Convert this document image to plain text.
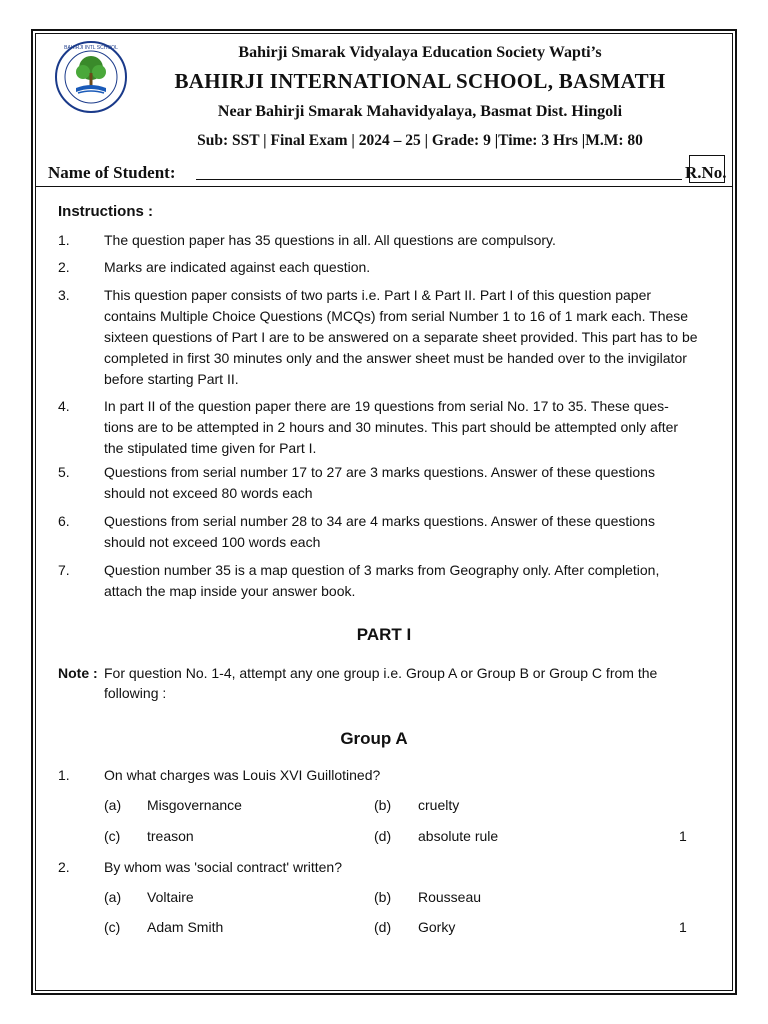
BAHIRJI INTL SCHOOL	Bahirji Smarak Vidyalaya Education Society Wapti’s
BAHIRJI INTERNATIONAL SCHOOL, BASMATH
Near Bahirji Smarak Mahavidyalaya, Basmat Dist. Hingoli
Sub: SST | Final Exam | 2024 – 25 | Grade: 9 |Time: 3 Hrs |M.M: 80
Name of Student:	R.No.
Instructions :
1.	The question paper has 35 questions in all. All questions are compulsory.
2.	Marks are indicated against each question.
3.	This question paper consists of two parts i.e. Part I & Part II. Part I of this question paper contains Multiple Choice Questions (MCQs) from serial Number 1 to 16 of 1 mark each. These sixteen questions of Part I are to be answered on a separate sheet provided. This part has to be completed in first 30 minutes only and the answer sheet must be handed over to the invigilator before starting Part II.
4.	In part II of the question paper there are 19 questions from serial No. 17 to 35. These ques-tions are to be attempted in 2 hours and 30 minutes. This part should be attempted only after the stipulated time given for Part I.
5.	Questions from serial number 17 to 27 are 3 marks questions. Answer of these questions should not exceed 80 words each
6.	Questions from serial number 28 to 34 are 4 marks questions. Answer of these questions should not exceed 100 words each
7.	Question number 35 is a map question of 3 marks from Geography only. After completion, attach the map inside your answer book.
PART I
Note : For question No. 1-4, attempt any one group i.e. Group A or Group B or Group C from the following :
Group A
1. On what charges was Louis XVI Guillotined?
(a) Misgovernance	(b) cruelty
(c) treason	(d) absolute rule	1
2. By whom was 'social contract' written?
(a) Voltaire	(b) Rousseau
(c) Adam Smith	(d) Gorky	1
